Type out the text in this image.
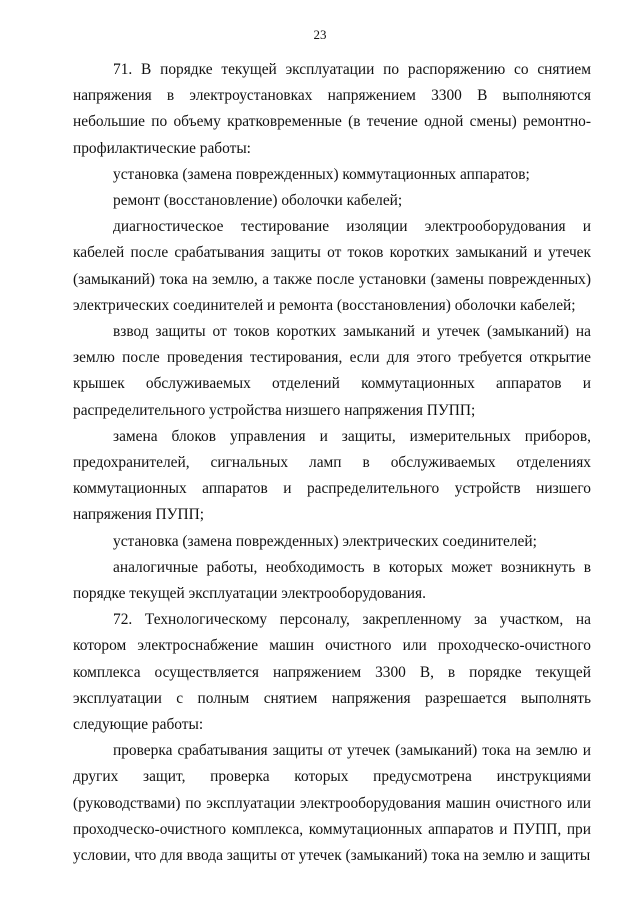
23

71. В порядке текущей эксплуатации по распоряжению со снятием напряжения в электроустановках напряжением 3300 В выполняются небольшие по объему кратковременные (в течение одной смены) ремонтно-профилактические работы:

установка (замена поврежденных) коммутационных аппаратов;

ремонт (восстановление) оболочки кабелей;

диагностическое тестирование изоляции электрооборудования и кабелей после срабатывания защиты от токов коротких замыканий и утечек (замыканий) тока на землю, а также после установки (замены поврежденных) электрических соединителей и ремонта (восстановления) оболочки кабелей;

взвод защиты от токов коротких замыканий и утечек (замыканий) на землю после проведения тестирования, если для этого требуется открытие крышек обслуживаемых отделений коммутационных аппаратов и распределительного устройства низшего напряжения ПУПП;

замена блоков управления и защиты, измерительных приборов, предохранителей, сигнальных ламп в обслуживаемых отделениях коммутационных аппаратов и распределительного устройств низшего напряжения ПУПП;

установка (замена поврежденных) электрических соединителей;

аналогичные работы, необходимость в которых может возникнуть в порядке текущей эксплуатации электрооборудования.

72. Технологическому персоналу, закрепленному за участком, на котором электроснабжение машин очистного или проходческо-очистного комплекса осуществляется напряжением 3300 В, в порядке текущей эксплуатации с полным снятием напряжения разрешается выполнять следующие работы:

проверка срабатывания защиты от утечек (замыканий) тока на землю и других защит, проверка которых предусмотрена инструкциями (руководствами) по эксплуатации электрооборудования машин очистного или проходческо-очистного комплекса, коммутационных аппаратов и ПУПП, при условии, что для ввода защиты от утечек (замыканий) тока на землю и защиты
